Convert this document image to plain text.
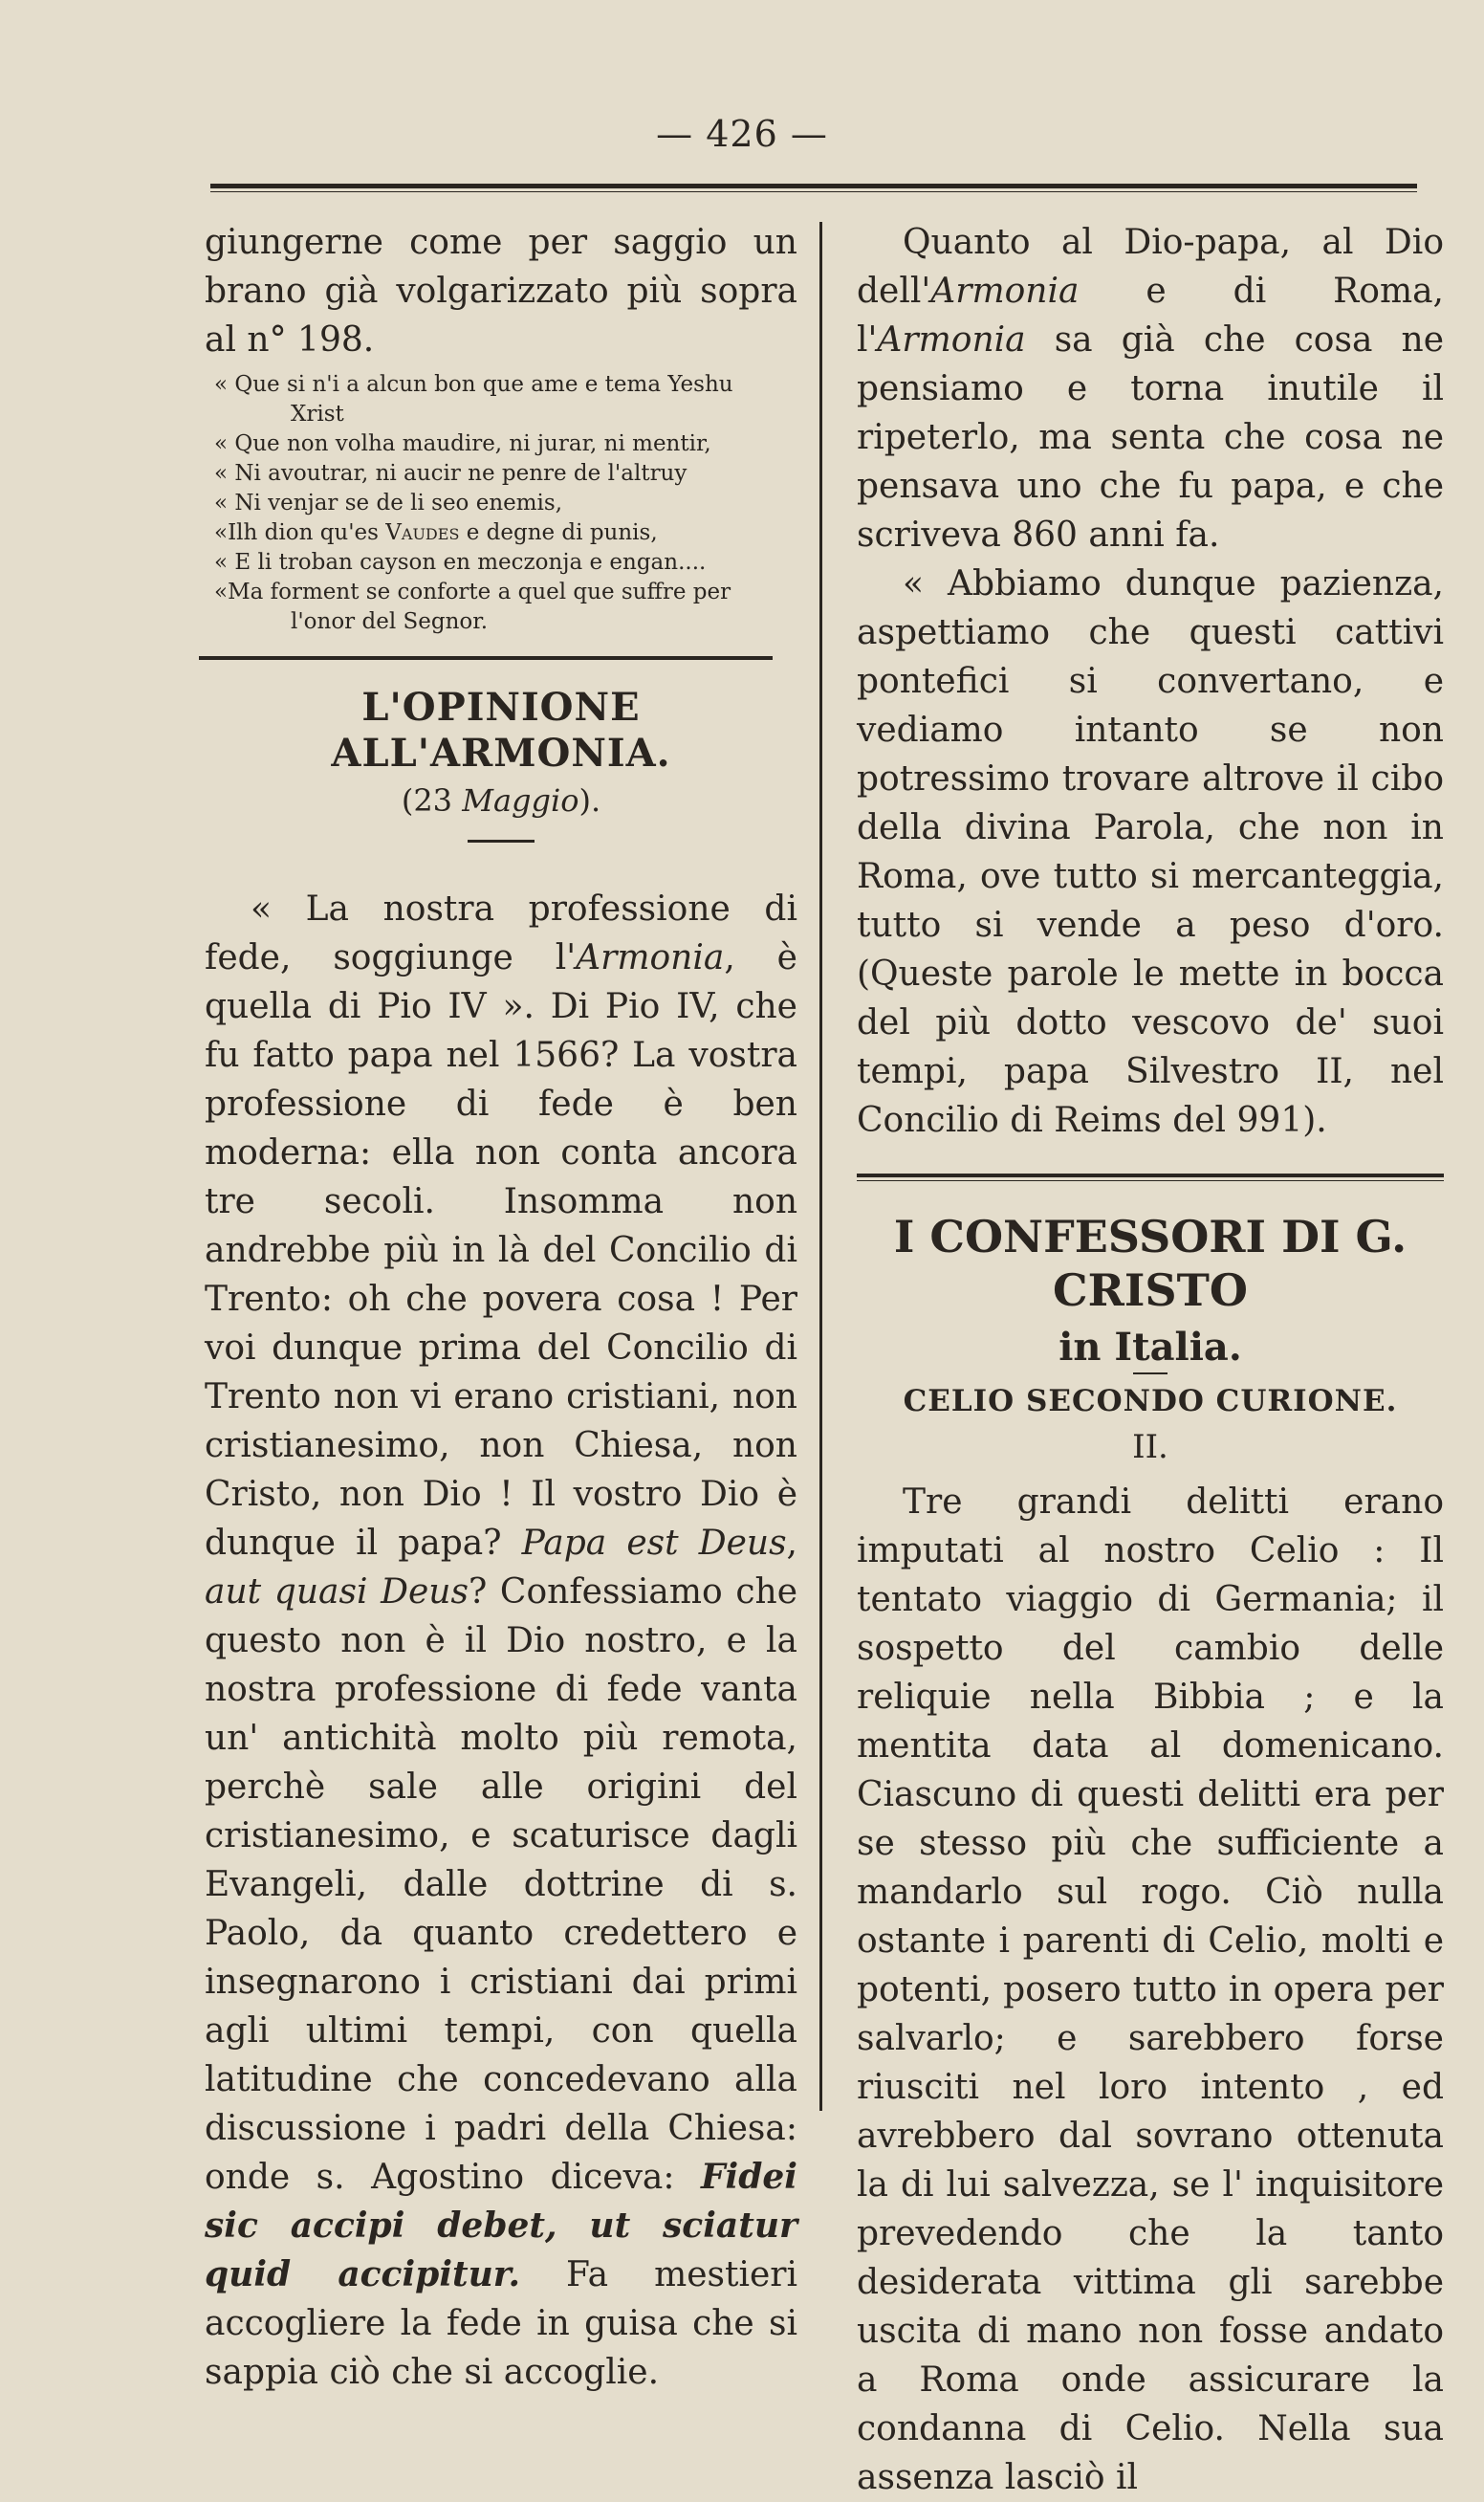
— 426 —

giungerne come per saggio un brano già volgarizzato più sopra al n° 198.

« Que si n'i a alcun bon que ame e tema Yeshu
Xrist
« Que non volha maudire, ni jurar, ni mentir,
« Ni avoutrar, ni aucir ne penre de l'altruy
« Ni venjar se de li seo enemis,
«Ilh dion qu'es Vaudes e degne di punis,
« E li troban cayson en meczonja e engan....
«Ma forment se conforte a quel que suffre per
l'onor del Segnor.
L'OPINIONE ALL'ARMONIA.
(23 Maggio).

« La nostra professione di fede, soggiunge l'Armonia, è quella di Pio IV ». Di Pio IV, che fu fatto papa nel 1566? La vostra professione di fede è ben moderna: ella non conta ancora tre secoli. Insomma non andrebbe più in là del Concilio di Trento: oh che povera cosa ! Per voi dunque prima del Concilio di Trento non vi erano cristiani, non cristianesimo, non Chiesa, non Cristo, non Dio ! Il vostro Dio è dunque il papa? Papa est Deus, aut quasi Deus? Confessiamo che questo non è il Dio nostro, e la nostra professione di fede vanta un' antichità molto più remota, perchè sale alle origini del cristianesimo, e scaturisce dagli Evangeli, dalle dottrine di s. Paolo, da quanto credettero e insegnarono i cristiani dai primi agli ultimi tempi, con quella latitudine che concedevano alla discussione i padri della Chiesa: onde s. Agostino diceva: Fidei sic accipi debet, ut sciatur quid accipitur. Fa mestieri accogliere la fede in guisa che si sappia ciò che si accoglie.

Quanto al Dio-papa, al Dio dell'Armonia e di Roma, l'Armonia sa già che cosa ne pensiamo e torna inutile il ripeterlo, ma senta che cosa ne pensava uno che fu papa, e che scriveva 860 anni fa.

« Abbiamo dunque pazienza, aspettiamo che questi cattivi pontefici si convertano, e vediamo intanto se non potressimo trovare altrove il cibo della divina Parola, che non in Roma, ove tutto si mercanteggia, tutto si vende a peso d'oro. (Queste parole le mette in bocca del più dotto vescovo de' suoi tempi, papa Silvestro II, nel Concilio di Reims del 991).

I CONFESSORI DI G. CRISTO
in Italia.
CELIO SECONDO CURIONE.
II.

Tre grandi delitti erano imputati al nostro Celio : Il tentato viaggio di Germania; il sospetto del cambio delle reliquie nella Bibbia ; e la mentita data al domenicano. Ciascuno di questi delitti era per se stesso più che sufficiente a mandarlo sul rogo. Ciò nulla ostante i parenti di Celio, molti e potenti, posero tutto in opera per salvarlo; e sarebbero forse riusciti nel loro intento , ed avrebbero dal sovrano ottenuta la di lui salvezza, se l' inquisitore prevedendo che la tanto desiderata vittima gli sarebbe uscita di mano non fosse andato a Roma onde assicurare la condanna di Celio. Nella sua assenza lasciò il
